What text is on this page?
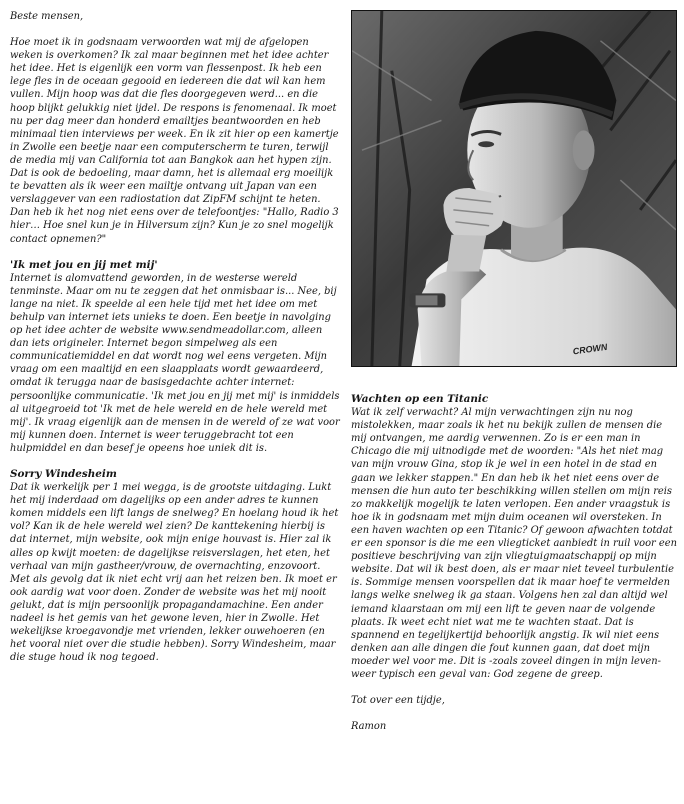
Beste mensen,

Hoe moet ik in godsnaam verwoorden wat mij de afgelopen weken is overkomen? Ik zal maar beginnen met het idee achter het idee. Het is eigenlijk een vorm van flessenpost. Ik heb een lege fles in de oceaan gegooid en iedereen die dat wil kan hem vullen. Mijn hoop was dat die fles doorgegeven werd... en die hoop blijkt gelukkig niet ijdel. De respons is fenomenaal. Ik moet nu per dag meer dan honderd emailtjes beantwoorden en heb minimaal tien interviews per week. En ik zit hier op een kamertje in Zwolle een beetje naar een computerscherm te turen, terwijl de media mij van California tot aan Bangkok aan het hypen zijn. Dat is ook de bedoeling, maar damn, het is allemaal erg moeilijk te bevatten als ik weer een mailtje ontvang uit Japan van een verslaggever van een radiostation dat ZipFM schijnt te heten. Dan heb ik het nog niet eens over de telefoontjes: "Hallo, Radio 3 hier… Hoe snel kun je in Hilversum zijn? Kun je zo snel mogelijk contact opnemen?"

'Ik met jou en jij met mij'

Internet is alomvattend geworden, in de westerse wereld tenminste. Maar om nu te zeggen dat het onmisbaar is... Nee, bij lange na niet. Ik speelde al een hele tijd met het idee om met behulp van internet iets unieks te doen. Een beetje in navolging op het idee achter de website www.sendmeadollar.com, alleen dan iets origineler. Internet begon simpelweg als een communicatiemiddel en dat wordt nog wel eens vergeten. Mijn vraag om een maaltijd en een slaapplaats wordt gewaardeerd, omdat ik terugga naar de basisgedachte achter internet: persoonlijke communicatie. 'Ik met jou en jij met mij' is inmiddels al uitgegroeid tot 'Ik met de hele wereld en de hele wereld met mij'. Ik vraag eigenlijk aan de mensen in de wereld of ze wat voor mij kunnen doen. Internet is weer teruggebracht tot een hulpmiddel en dan besef je opeens hoe uniek dit is.

Sorry Windesheim

Dat ik werkelijk per 1 mei wegga, is de grootste uitdaging. Lukt het mij inderdaad om dagelijks op een ander adres te kunnen komen middels een lift langs de snelweg? En hoelang houd ik het vol? Kan ik de hele wereld wel zien? De kanttekening hierbij is dat internet, mijn website, ook mijn enige houvast is. Hier zal ik alles op kwijt moeten: de dagelijkse reisverslagen, het eten, het verhaal van mijn gastheer/vrouw, de overnachting, enzovoort. Met als gevolg dat ik niet echt vrij aan het reizen ben. Ik moet er ook aardig wat voor doen. Zonder de website was het mij nooit gelukt, dat is mijn persoonlijk propagandamachine. Een ander nadeel is het gemis van het gewone leven, hier in Zwolle. Het wekelijkse kroegavondje met vrienden, lekker ouwehoeren (en het vooral niet over die studie hebben). Sorry Windesheim, maar die stuge houd ik nog tegoed.

CROWN
Wachten op een Titanic

Wat ik zelf verwacht? Al mijn verwachtingen zijn nu nog mistolekken, maar zoals ik het nu bekijk zullen de mensen die mij ontvangen, me aardig verwennen. Zo is er een man in Chicago die mij uitnodigde met de woorden: "Als het niet mag van mijn vrouw Gina, stop ik je wel in een hotel in de stad en gaan we lekker stappen." En dan heb ik het niet eens over de mensen die hun auto ter beschikking willen stellen om mijn reis zo makkelijk mogelijk te laten verlopen. Een ander vraagstuk is hoe ik in godsnaam met mijn duim oceanen wil oversteken. In een haven wachten op een Titanic? Of gewoon afwachten totdat er een sponsor is die me een vliegticket aanbiedt in ruil voor een positieve beschrijving van zijn vliegtuigmaatschappij op mijn website. Dat wil ik best doen, als er maar niet teveel turbulentie is. Sommige mensen voorspellen dat ik maar hoef te vermelden langs welke snelweg ik ga staan. Volgens hen zal dan altijd wel iemand klaarstaan om mij een lift te geven naar de volgende plaats. Ik weet echt niet wat me te wachten staat. Dat is spannend en tegelijkertijd behoorlijk angstig. Ik wil niet eens denken aan alle dingen die fout kunnen gaan, dat doet mijn moeder wel voor me. Dit is -zoals zoveel dingen in mijn leven- weer typisch een geval van: God zegene de greep.

Tot over een tijdje,

Ramon
